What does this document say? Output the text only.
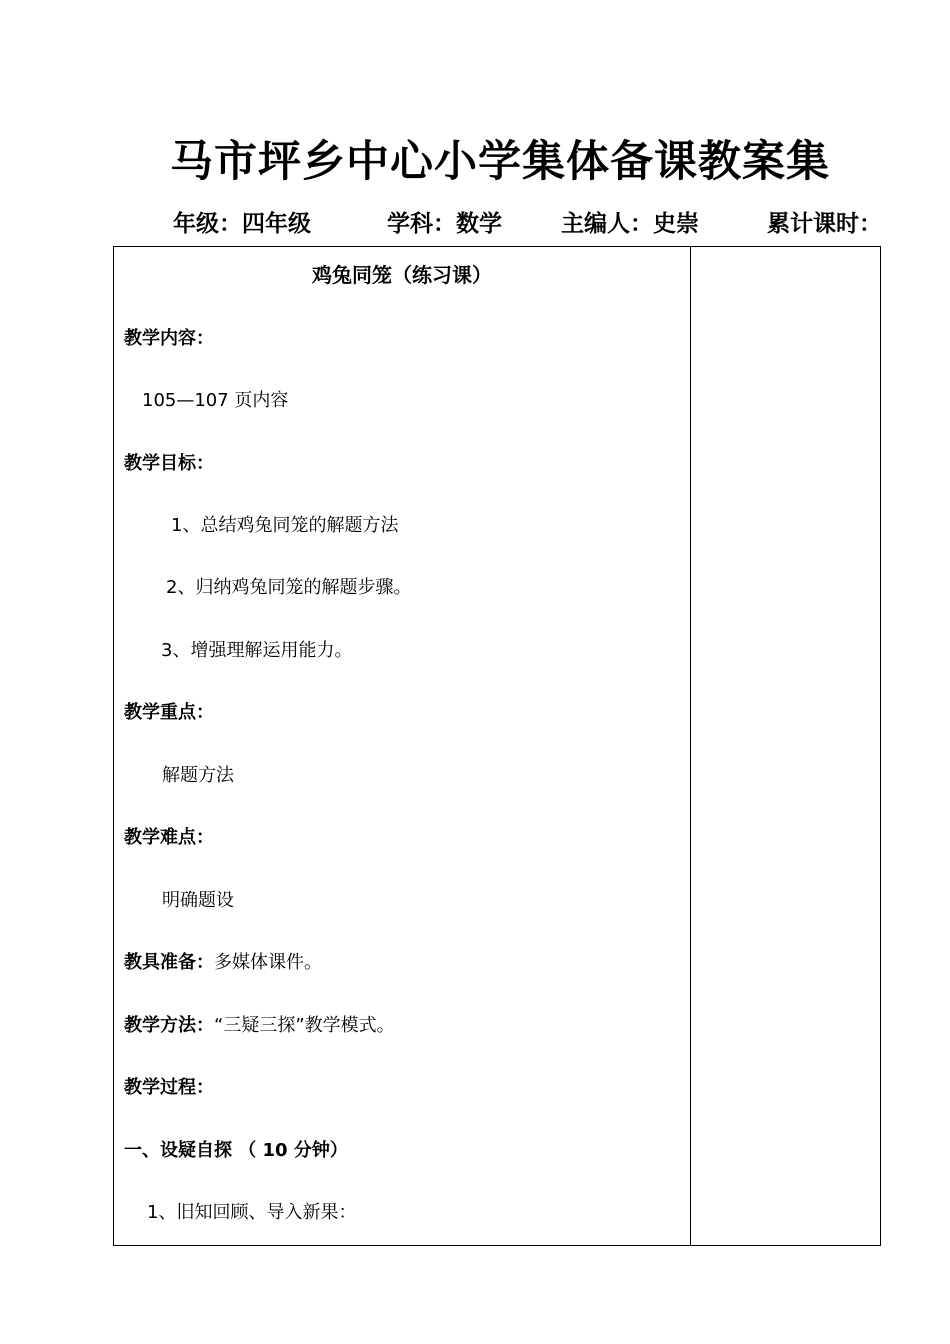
马市坪乡中心小学集体备课教案集
年级：四年级	学科：数学	主编人：史崇	累计课时：
鸡兔同笼（练习课）
教学内容：
105—107 页内容
教学目标：
1、总结鸡兔同笼的解题方法
2、归纳鸡兔同笼的解题步骤。
3、增强理解运用能力。
教学重点：
解题方法
教学难点：
明确题设
教具准备：多媒体课件。
教学方法：“三疑三探”教学模式。
教学过程：
一、设疑自探 （ 10 分钟）
1、旧知回顾、导入新果：
